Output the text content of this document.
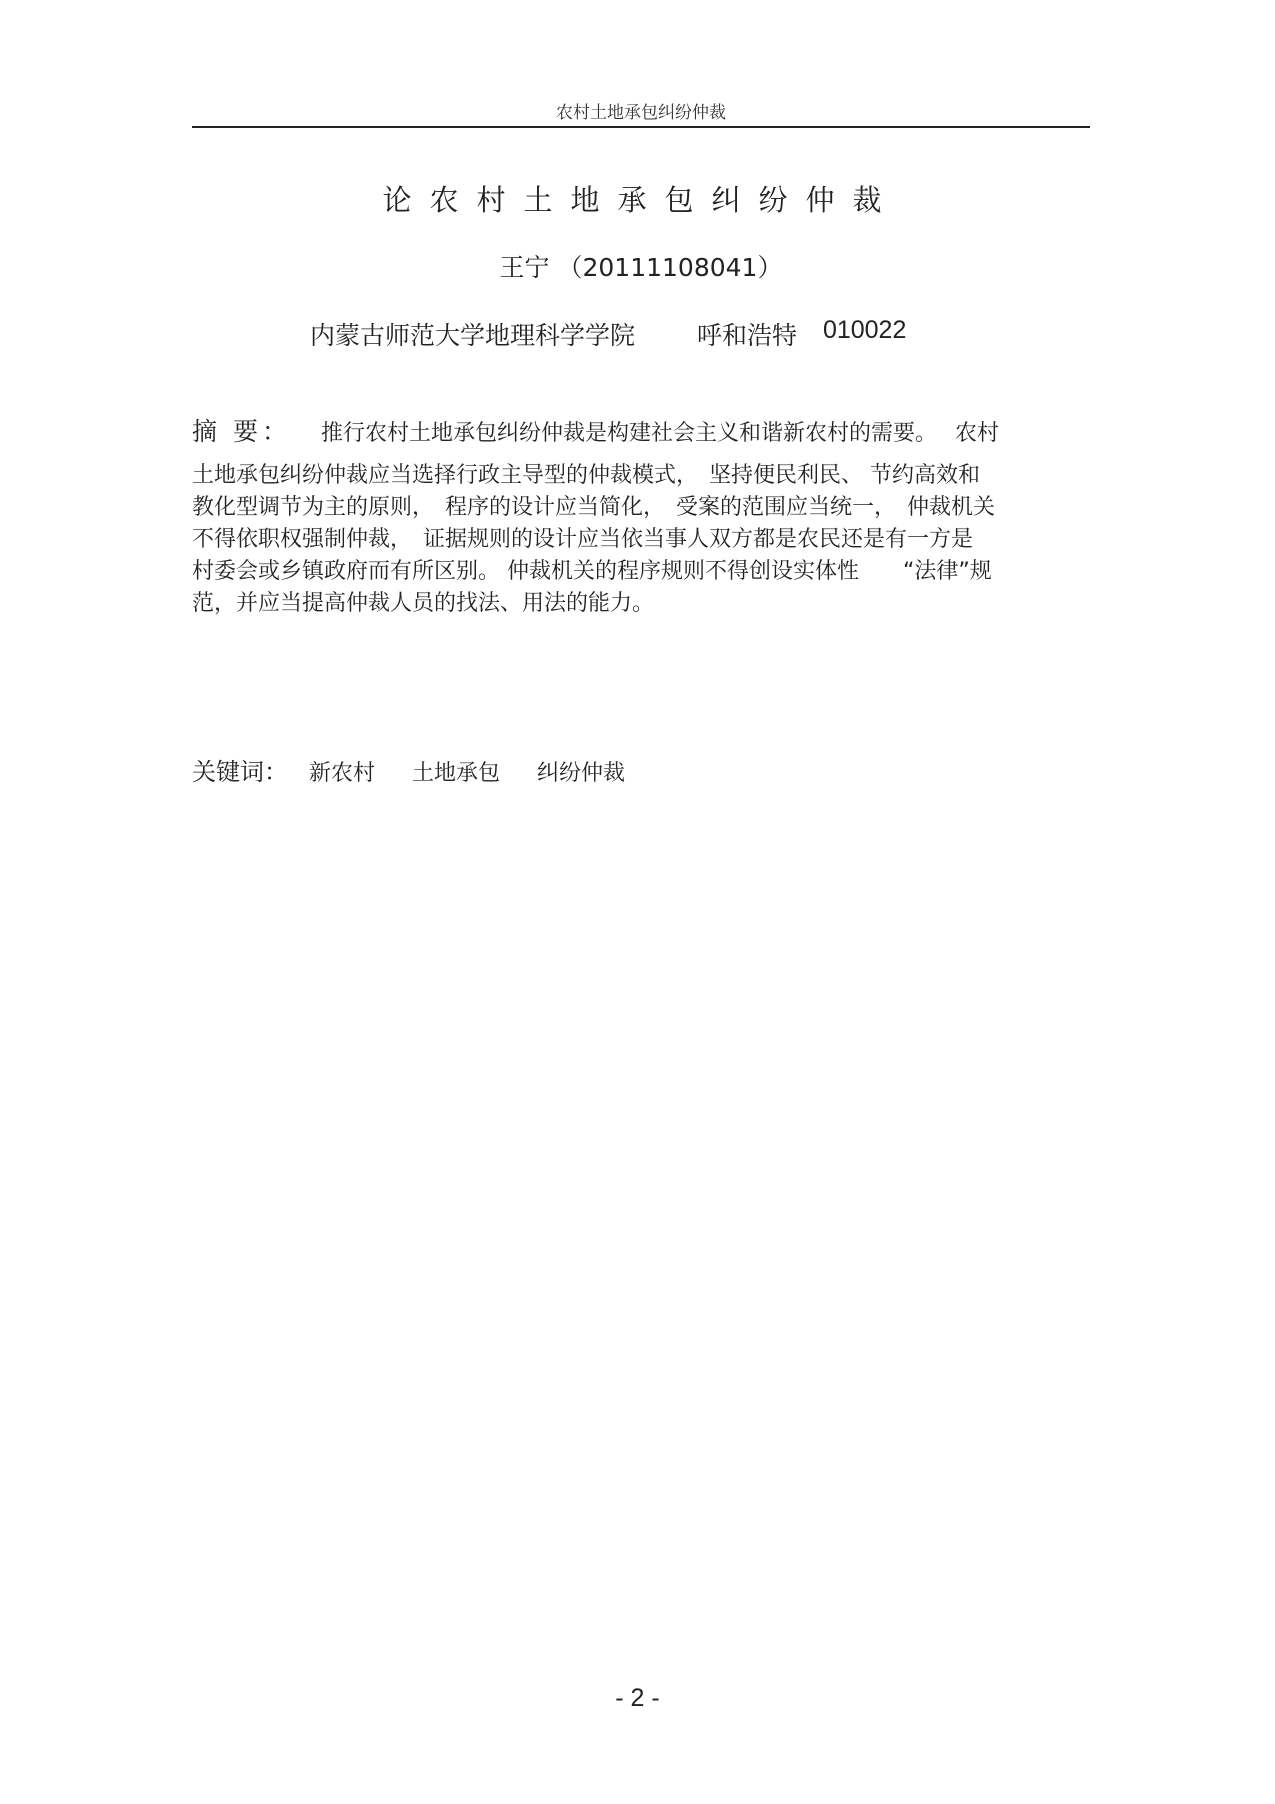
农村土地承包纠纷仲裁
论农村土地承包纠纷仲裁
王宁 （20111108041）
内蒙古师范大学地理科学学院 呼和浩特 010022
摘 要： 推行农村土地承包纠纷仲裁是构建社会主义和谐新农村的需要。　 农村
土地承包纠纷仲裁应当选择行政主导型的仲裁模式，　坚持便民利民、 节约高效和
教化型调节为主的原则，　程序的设计应当简化，　受案的范围应当统一，　仲裁机关
不得依职权强制仲裁，　证据规则的设计应当依当事人双方都是农民还是有一方是
村委会或乡镇政府而有所区别。 仲裁机关的程序规则不得创设实体性　　“法律”规
范，并应当提高仲裁人员的找法、用法的能力。
关键词： 新农村 土地承包 纠纷仲裁
- 2 -
